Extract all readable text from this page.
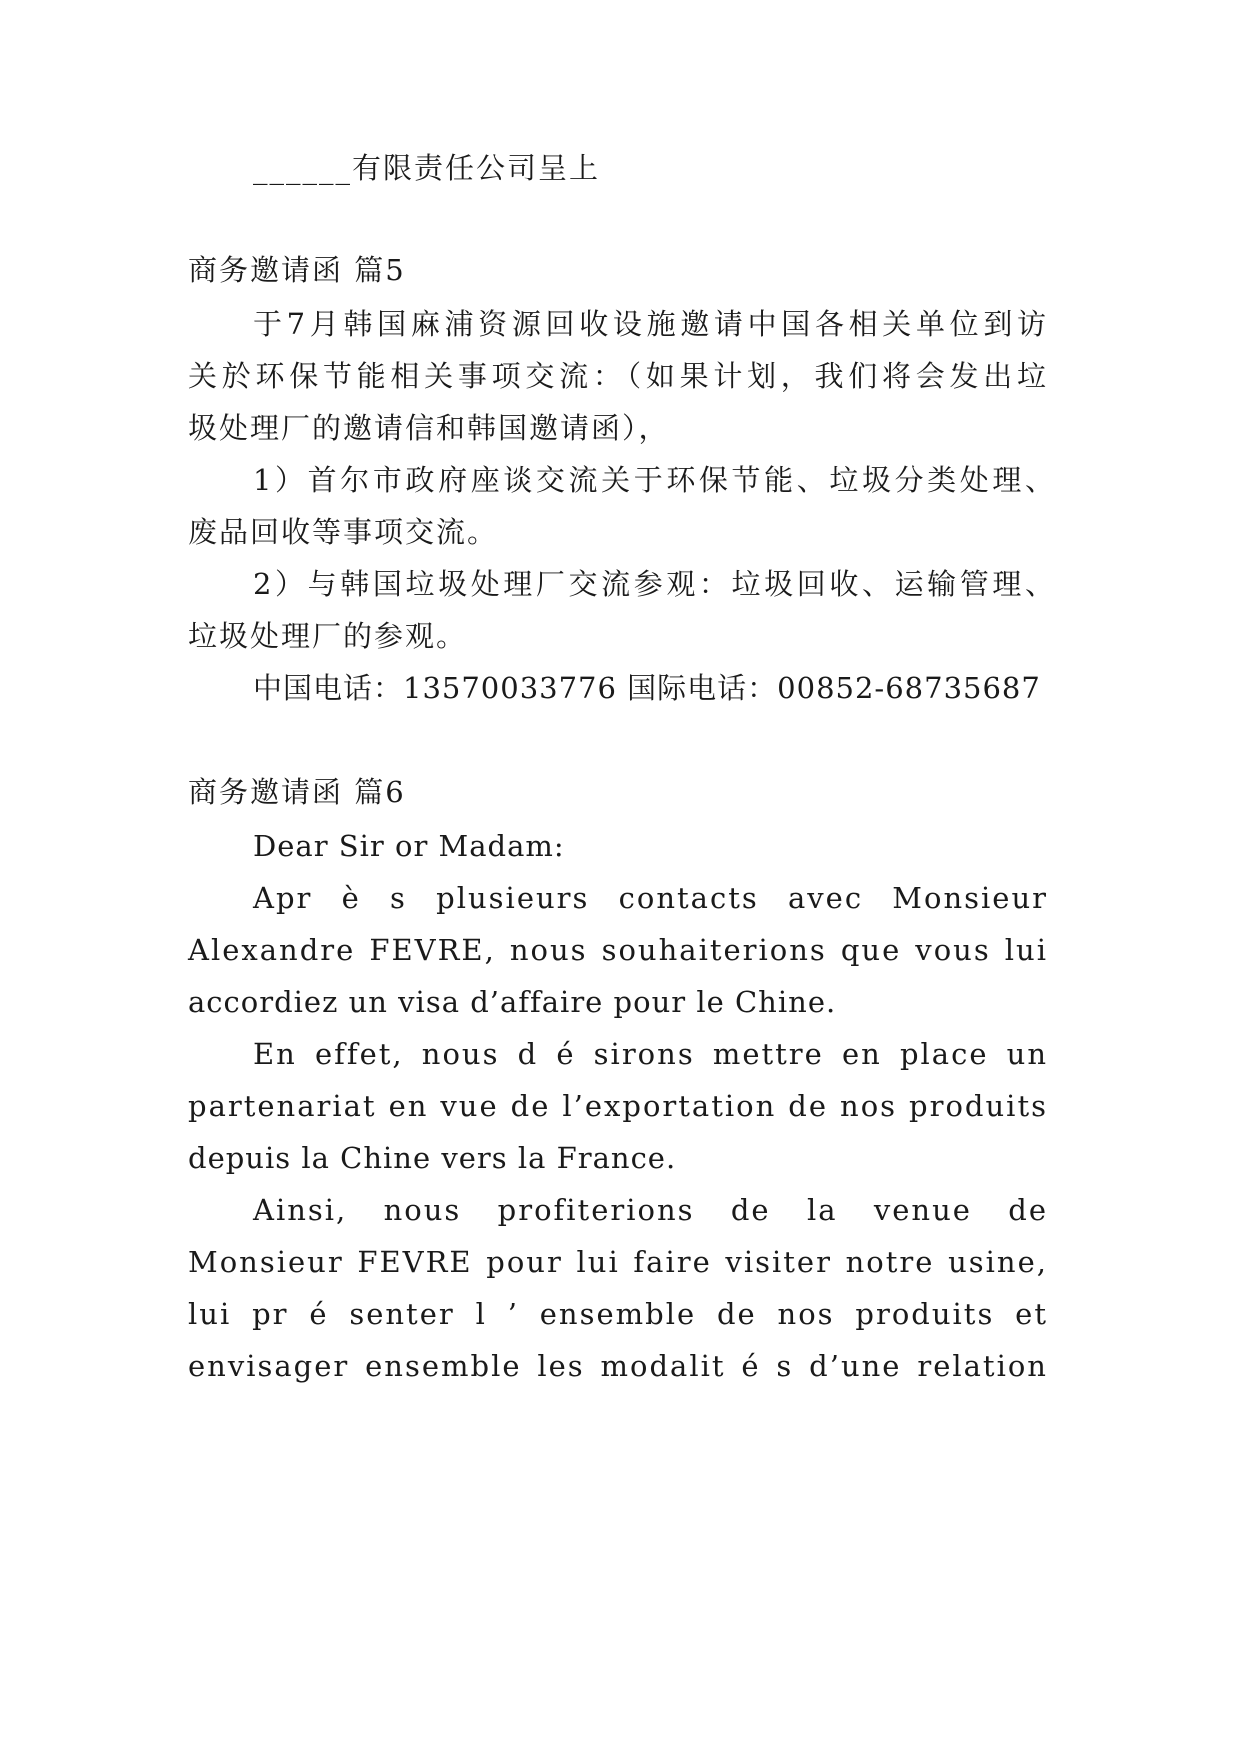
______有限责任公司呈上
商务邀请函 篇5
于7月韩国麻浦资源回收设施邀请中国各相关单位到访
关於环保节能相关事项交流：（如果计划，我们将会发出垃
圾处理厂的邀请信和韩国邀请函），
1）首尔市政府座谈交流关于环保节能、垃圾分类处理、
废品回收等事项交流。
2）与韩国垃圾处理厂交流参观：垃圾回收、运输管理、
垃圾处理厂的参观。
中国电话：13570033776 国际电话：00852-68735687
商务邀请函 篇6
Dear Sir or Madam:
Apr è s plusieurs contacts avec Monsieur
Alexandre FEVRE, nous souhaiterions que vous lui
accordiez un visa d’affaire pour le Chine.
En effet, nous d é sirons mettre en place un
partenariat en vue de l’exportation de nos produits
depuis la Chine vers la France.
Ainsi, nous profiterions de la venue de
Monsieur FEVRE pour lui faire visiter notre usine,
lui pr é senter l ’ ensemble de nos produits et
envisager ensemble les modalit é s d’une relation
